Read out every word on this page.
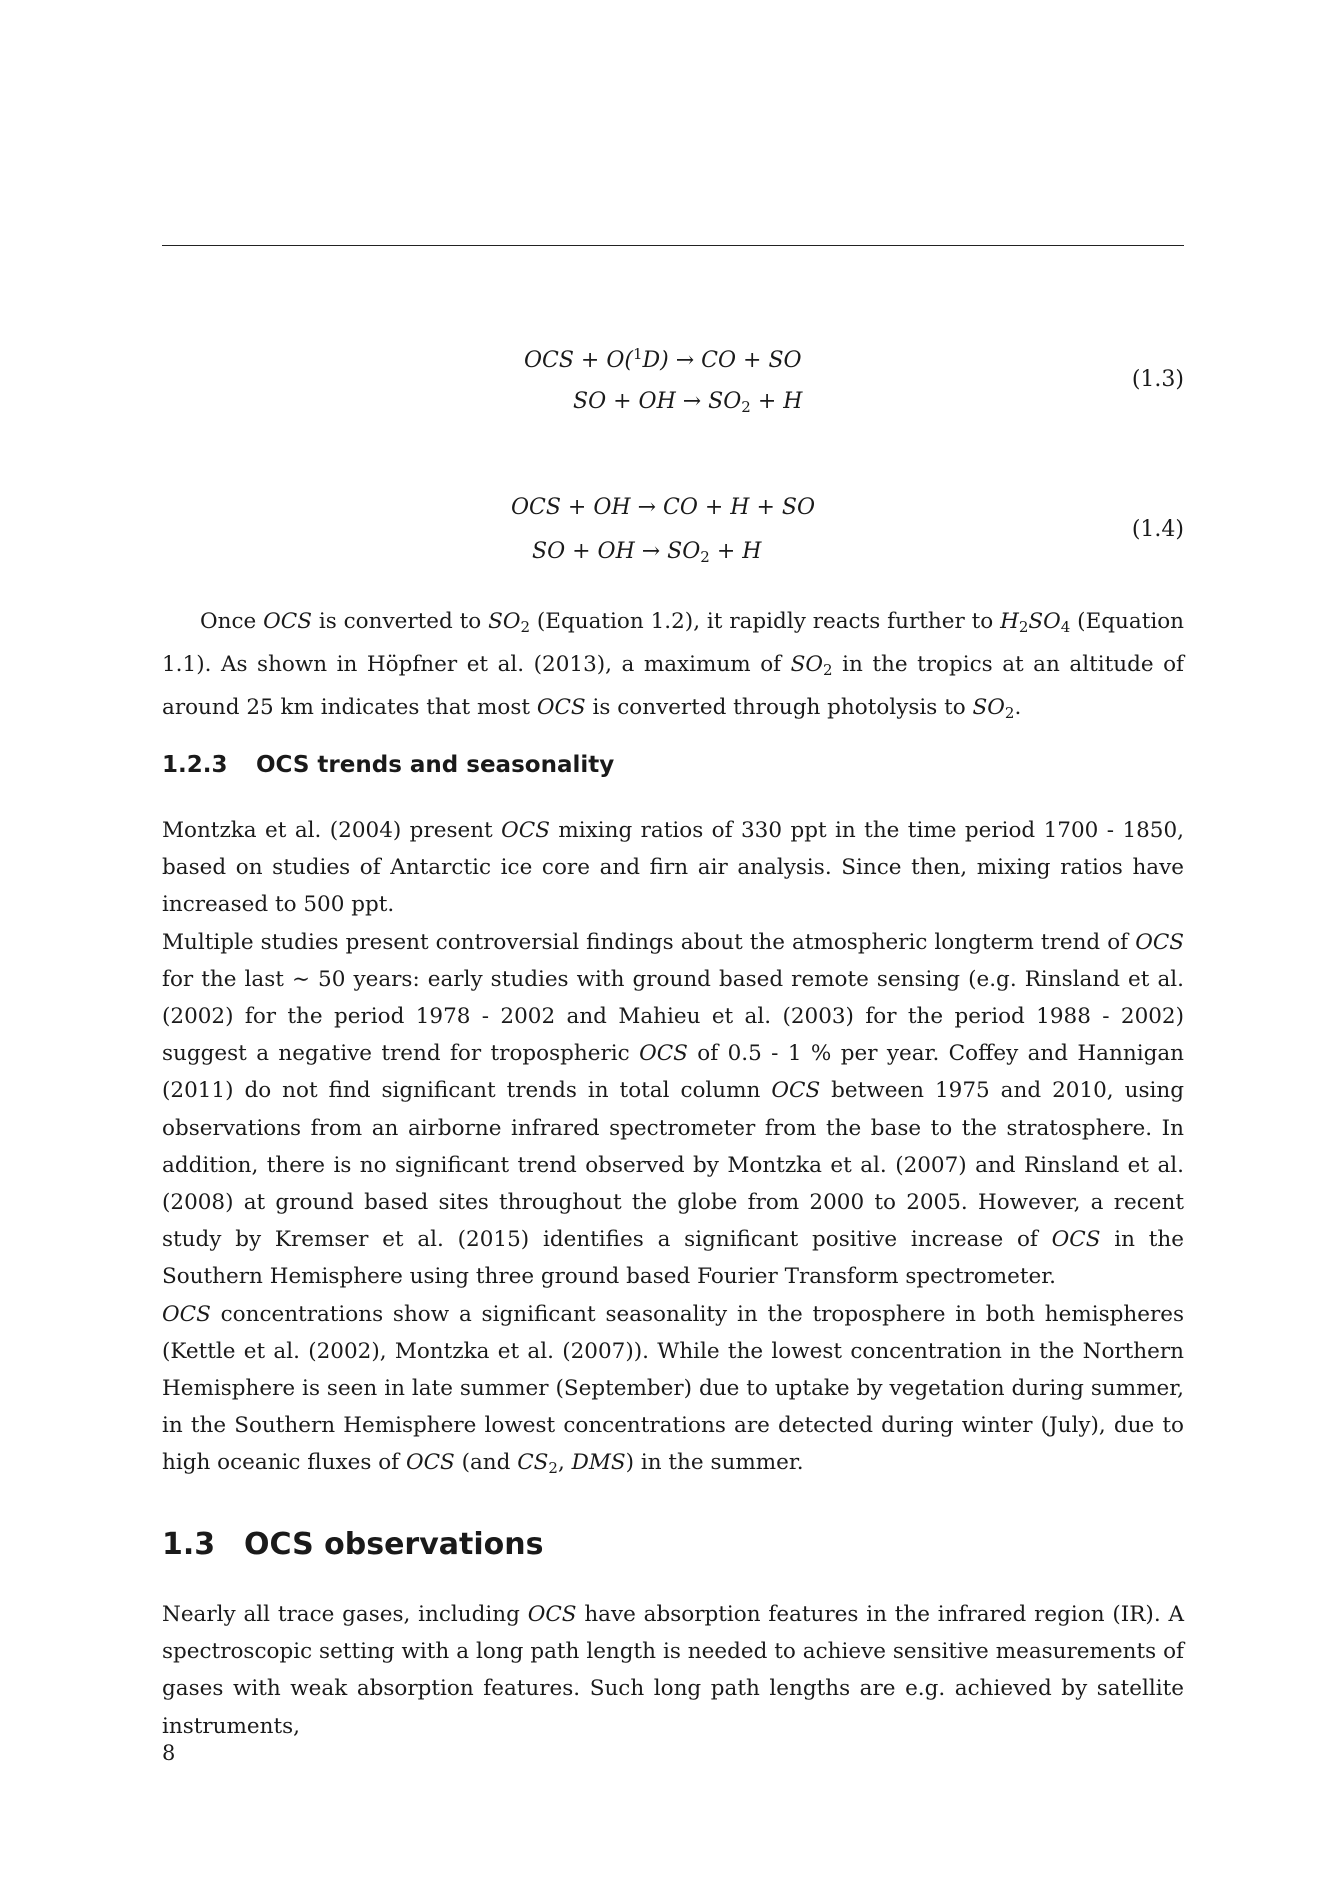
OCS + O($^1$D) → CO + SO
SO + OH → $SO_2 + H$
(1.3)
OCS + OH → CO + H + SO
SO + OH → $SO_2 + H$
(1.4)

Once OCS is converted to $SO_2$ (Equation 1.2), it rapidly reacts further to $H_2SO_4$ (Equation 1.1). As shown in Höpfner et al. (2013), a maximum of $SO_2$ in the tropics at an altitude of around 25 km indicates that most OCS is converted through photolysis to $SO_2$.

1.2.3 OCS trends and seasonality

Montzka et al. (2004) present OCS mixing ratios of 330 ppt in the time period 1700 - 1850, based on studies of Antarctic ice core and firn air analysis. Since then, mixing ratios have increased to 500 ppt.

Multiple studies present controversial findings about the atmospheric longterm trend of OCS for the last ∼ 50 years: early studies with ground based remote sensing (e.g. Rinsland et al. (2002) for the period 1978 - 2002 and Mahieu et al. (2003) for the period 1988 - 2002) suggest a negative trend for tropospheric OCS of 0.5 - 1 % per year. Coffey and Hannigan (2011) do not find significant trends in total column OCS between 1975 and 2010, using observations from an airborne infrared spectrometer from the base to the stratosphere. In addition, there is no significant trend observed by Montzka et al. (2007) and Rinsland et al. (2008) at ground based sites throughout the globe from 2000 to 2005. However, a recent study by Kremser et al. (2015) identifies a significant positive increase of OCS in the Southern Hemisphere using three ground based Fourier Transform spectrometer.

OCS concentrations show a significant seasonality in the troposphere in both hemispheres (Kettle et al. (2002), Montzka et al. (2007)). While the lowest concentration in the Northern Hemisphere is seen in late summer (September) due to uptake by vegetation during summer, in the Southern Hemisphere lowest concentrations are detected during winter (July), due to high oceanic fluxes of OCS (and $CS_2$, DMS) in the summer.

1.3 OCS observations

Nearly all trace gases, including OCS have absorption features in the infrared region (IR). A spectroscopic setting with a long path length is needed to achieve sensitive measurements of gases with weak absorption features. Such long path lengths are e.g. achieved by satellite instruments,

8
